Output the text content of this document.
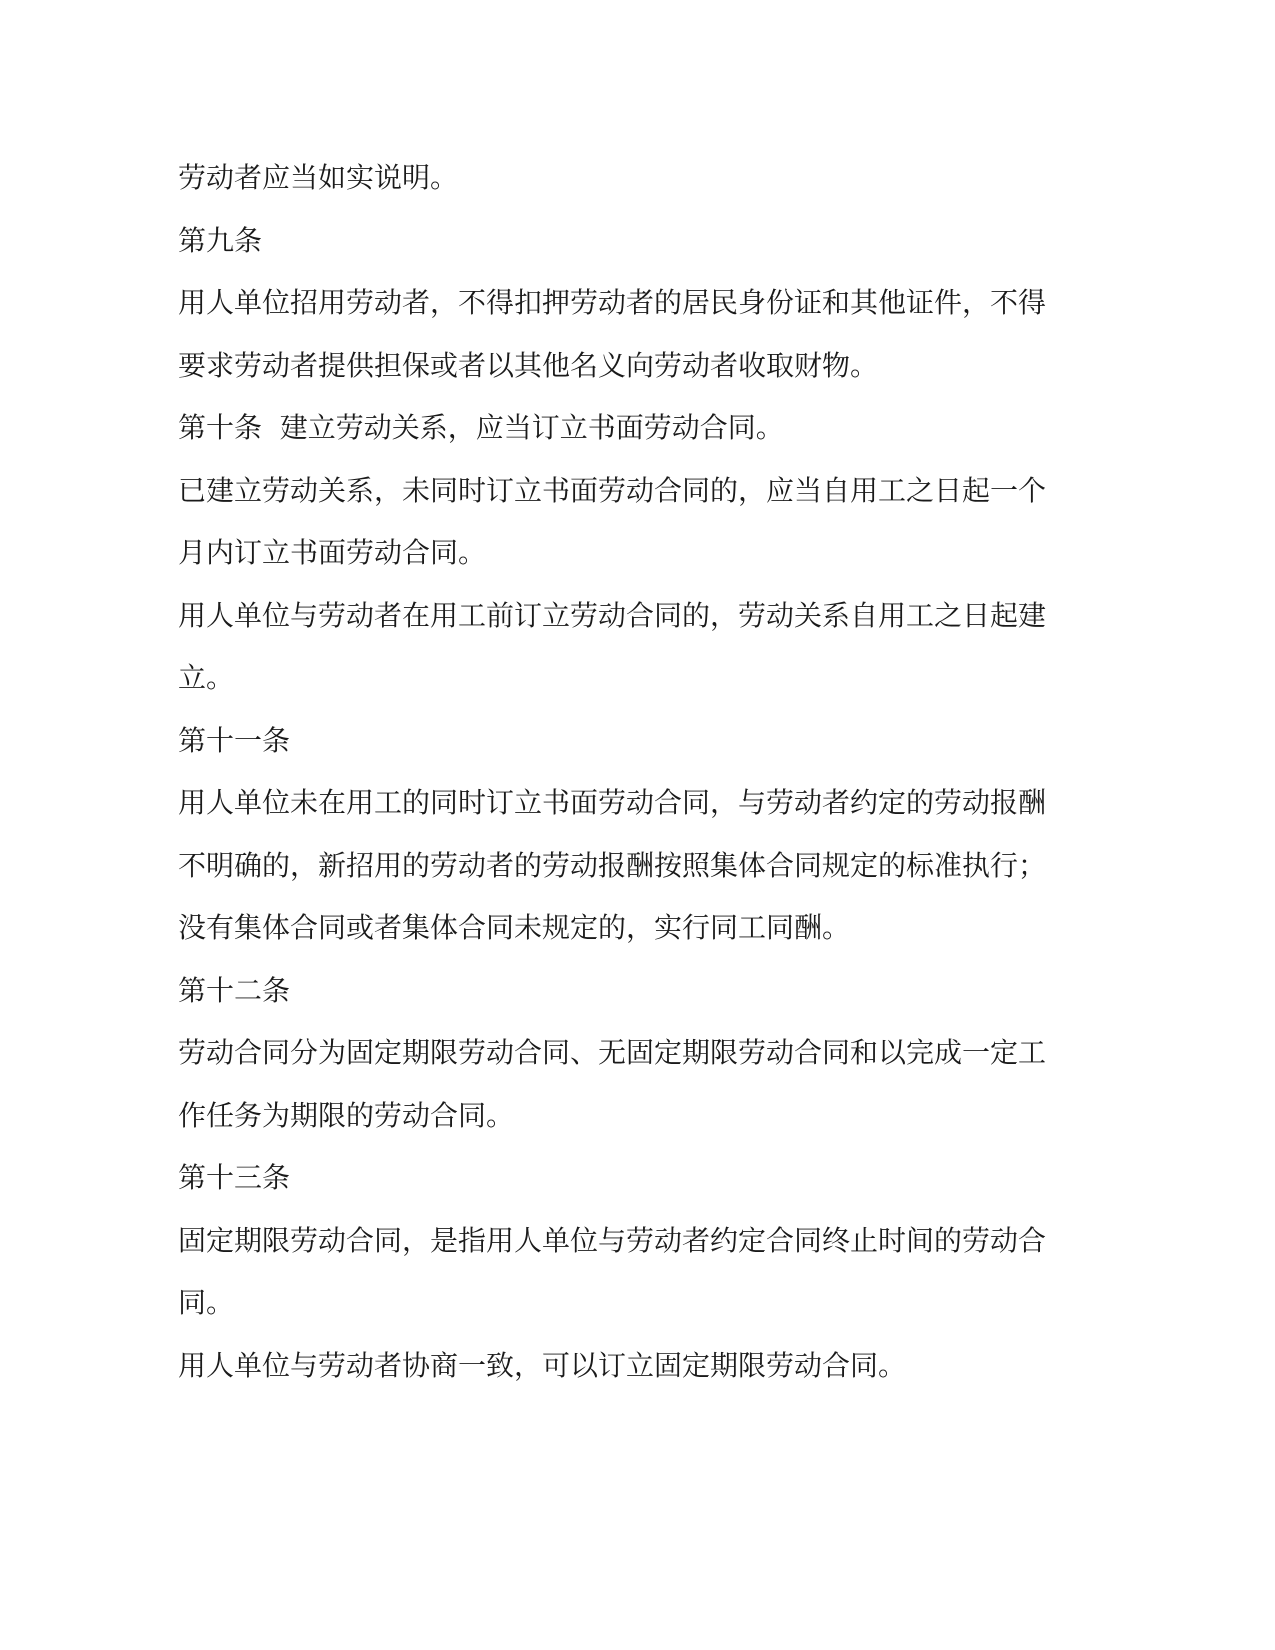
劳动者应当如实说明。
第九条
用人单位招用劳动者，不得扣押劳动者的居民身份证和其他证件，不得
要求劳动者提供担保或者以其他名义向劳动者收取财物。
第十条  建立劳动关系，应当订立书面劳动合同。
已建立劳动关系，未同时订立书面劳动合同的，应当自用工之日起一个
月内订立书面劳动合同。
用人单位与劳动者在用工前订立劳动合同的，劳动关系自用工之日起建
立。
第十一条
用人单位未在用工的同时订立书面劳动合同，与劳动者约定的劳动报酬
不明确的，新招用的劳动者的劳动报酬按照集体合同规定的标准执行；
没有集体合同或者集体合同未规定的，实行同工同酬。
第十二条
劳动合同分为固定期限劳动合同、无固定期限劳动合同和以完成一定工
作任务为期限的劳动合同。
第十三条
固定期限劳动合同，是指用人单位与劳动者约定合同终止时间的劳动合
同。
用人单位与劳动者协商一致，可以订立固定期限劳动合同。
